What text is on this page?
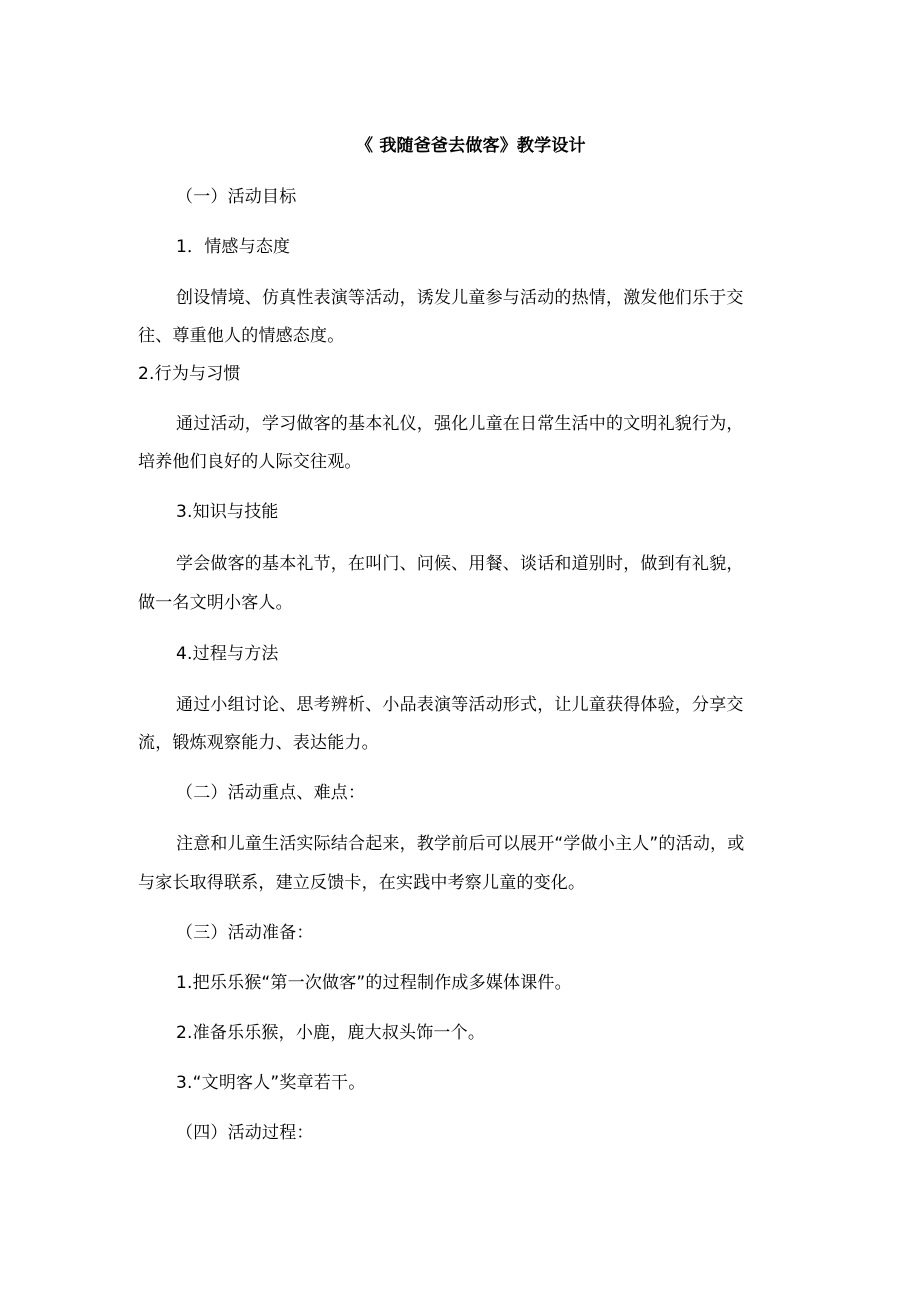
《 我随爸爸去做客》教学设计
（一）活动目标
1．情感与态度
创设情境、仿真性表演等活动，诱发儿童参与活动的热情，激发他们乐于交
往、尊重他人的情感态度。
2.行为与习惯
通过活动，学习做客的基本礼仪，强化儿童在日常生活中的文明礼貌行为，
培养他们良好的人际交往观。
3.知识与技能
学会做客的基本礼节，在叫门、问候、用餐、谈话和道别时，做到有礼貌，
做一名文明小客人。
4.过程与方法
通过小组讨论、思考辨析、小品表演等活动形式，让儿童获得体验，分享交
流，锻炼观察能力、表达能力。
（二）活动重点、难点：
注意和儿童生活实际结合起来，教学前后可以展开“学做小主人”的活动，或
与家长取得联系，建立反馈卡，在实践中考察儿童的变化。
（三）活动准备：
1.把乐乐猴“第一次做客”的过程制作成多媒体课件。
2.准备乐乐猴，小鹿，鹿大叔头饰一个。
3.“文明客人”奖章若干。
（四）活动过程：
